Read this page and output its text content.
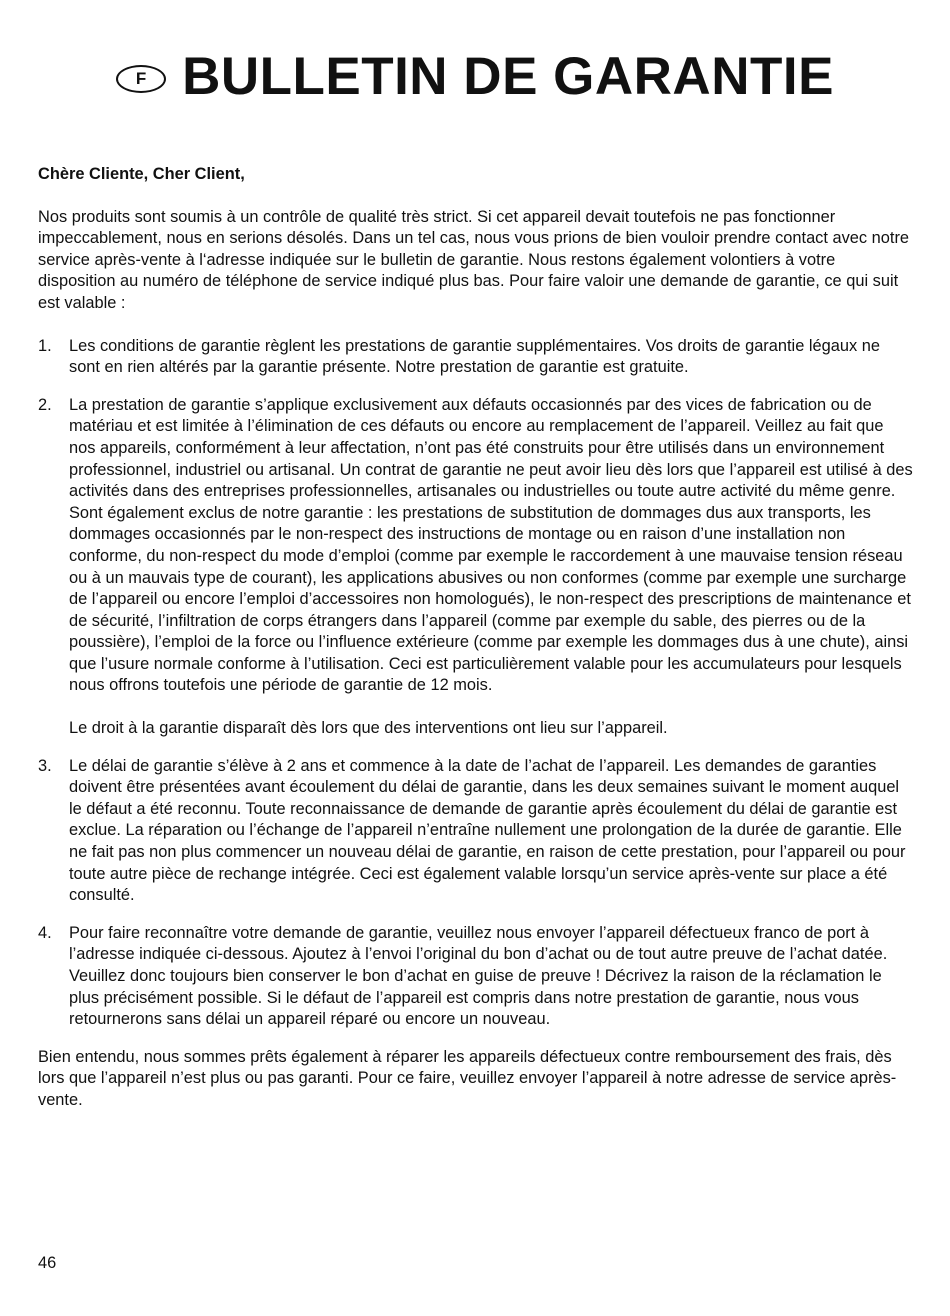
F BULLETIN DE GARANTIE

Chère Cliente, Cher Client,

Nos produits sont soumis à un contrôle de qualité très strict. Si cet appareil devait toutefois ne pas fonctionner impeccablement, nous en serions désolés. Dans un tel cas, nous vous prions de bien vouloir prendre contact avec notre service après-vente à l‘adresse indiquée sur le bulletin de garantie. Nous restons également volontiers à votre disposition au numéro de téléphone de service indiqué plus bas. Pour faire valoir une demande de garantie, ce qui suit est valable :

1.	Les conditions de garantie règlent les prestations de garantie supplémentaires. Vos droits de garantie légaux ne sont en rien altérés par la garantie présente. Notre prestation de garantie est gratuite.

2.	La prestation de garantie s’applique exclusivement aux défauts occasionnés par des vices de fabrication ou de matériau et est limitée à l’élimination de ces défauts ou encore au remplacement de l’appareil. Veillez au fait que nos appareils, conformément à leur affectation, n’ont pas été construits pour être utilisés dans un environnement professionnel, industriel ou artisanal. Un contrat de garantie ne peut avoir lieu dès lors que l’appareil est utilisé à des activités dans des entreprises professionnelles, artisanales ou industrielles ou toute autre activité du même genre. Sont également exclus de notre garantie : les prestations de substitution de dommages dus aux transports, les dommages occasionnés par le non-respect des instructions de montage ou en raison d’une installation non conforme, du non-respect du mode d’emploi (comme par exemple le raccordement à une mauvaise tension réseau ou à un mauvais type de courant), les applications abusives ou non conformes (comme par exemple une surcharge de l’appareil ou encore l’emploi d’accessoires non homologués), le non-respect des prescriptions de maintenance et de sécurité, l’infiltration de corps étrangers dans l’appareil (comme par exemple du sable, des pierres ou de la poussière), l’emploi de la force ou l’influence extérieure (comme par exemple les dommages dus à une chute), ainsi que l’usure normale conforme à l’utilisation. Ceci est particulièrement valable pour les accumulateurs pour lesquels nous offrons toutefois une période de garantie de 12 mois.

Le droit à la garantie disparaît dès lors que des interventions ont lieu sur l’appareil.

3.	Le délai de garantie s’élève à 2 ans et commence à la date de l’achat de l’appareil. Les demandes de garanties doivent être présentées avant écoulement du délai de garantie, dans les deux semaines suivant le moment auquel le défaut a été reconnu. Toute reconnaissance de demande de garantie après écoulement du délai de garantie est exclue. La réparation ou l’échange de l’appareil n’entraîne nullement une prolongation de la durée de garantie. Elle ne fait pas non plus commencer un nouveau délai de garantie, en raison de cette prestation, pour l’appareil ou pour toute autre pièce de rechange intégrée. Ceci est également valable lorsqu’un service après-vente sur place a été consulté.

4.	Pour faire reconnaître votre demande de garantie, veuillez nous envoyer l’appareil défectueux franco de port à l’adresse indiquée ci-dessous. Ajoutez à l’envoi l’original du bon d’achat ou de tout autre preuve de l’achat datée. Veuillez donc toujours bien conserver le bon d’achat en guise de preuve ! Décrivez la raison de la réclamation le plus précisément possible. Si le défaut de l’appareil est compris dans notre prestation de garantie, nous vous retournerons sans délai un appareil réparé ou encore un nouveau.

Bien entendu, nous sommes prêts également à réparer les appareils défectueux contre remboursement des frais, dès lors que l’appareil n’est plus ou pas garanti. Pour ce faire, veuillez envoyer l’appareil à notre adresse de service après-vente.

46
